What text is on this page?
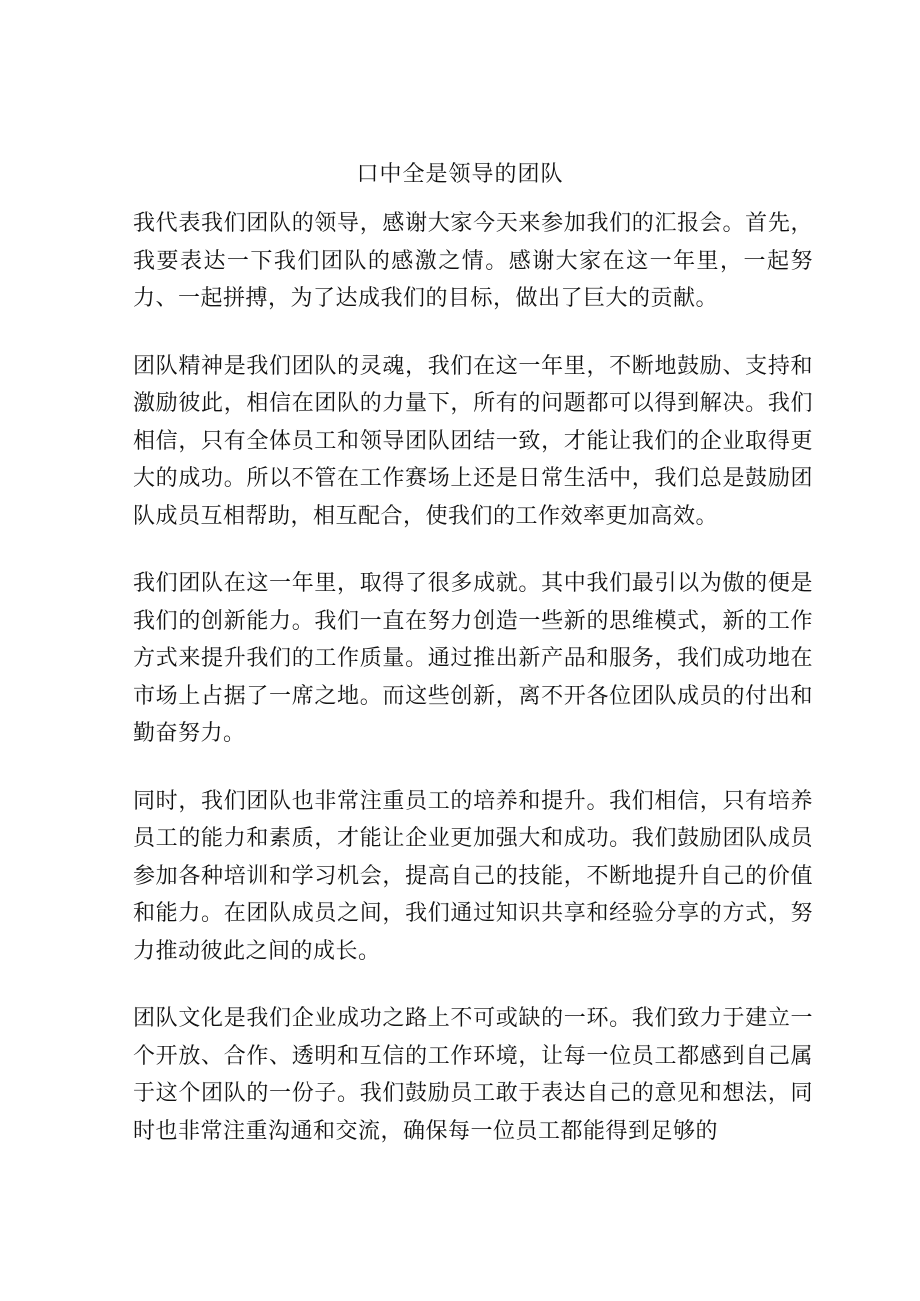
口中全是领导的团队

我代表我们团队的领导，感谢大家今天来参加我们的汇报会。首先，我要表达一下我们团队的感激之情。感谢大家在这一年里，一起努力、一起拼搏，为了达成我们的目标，做出了巨大的贡献。

团队精神是我们团队的灵魂，我们在这一年里，不断地鼓励、支持和激励彼此，相信在团队的力量下，所有的问题都可以得到解决。我们相信，只有全体员工和领导团队团结一致，才能让我们的企业取得更大的成功。所以不管在工作赛场上还是日常生活中，我们总是鼓励团队成员互相帮助，相互配合，使我们的工作效率更加高效。

我们团队在这一年里，取得了很多成就。其中我们最引以为傲的便是我们的创新能力。我们一直在努力创造一些新的思维模式，新的工作方式来提升我们的工作质量。通过推出新产品和服务，我们成功地在市场上占据了一席之地。而这些创新，离不开各位团队成员的付出和勤奋努力。

同时，我们团队也非常注重员工的培养和提升。我们相信，只有培养员工的能力和素质，才能让企业更加强大和成功。我们鼓励团队成员参加各种培训和学习机会，提高自己的技能，不断地提升自己的价值和能力。在团队成员之间，我们通过知识共享和经验分享的方式，努力推动彼此之间的成长。

团队文化是我们企业成功之路上不可或缺的一环。我们致力于建立一个开放、合作、透明和互信的工作环境，让每一位员工都感到自己属于这个团队的一份子。我们鼓励员工敢于表达自己的意见和想法，同时也非常注重沟通和交流，确保每一位员工都能得到足够的
